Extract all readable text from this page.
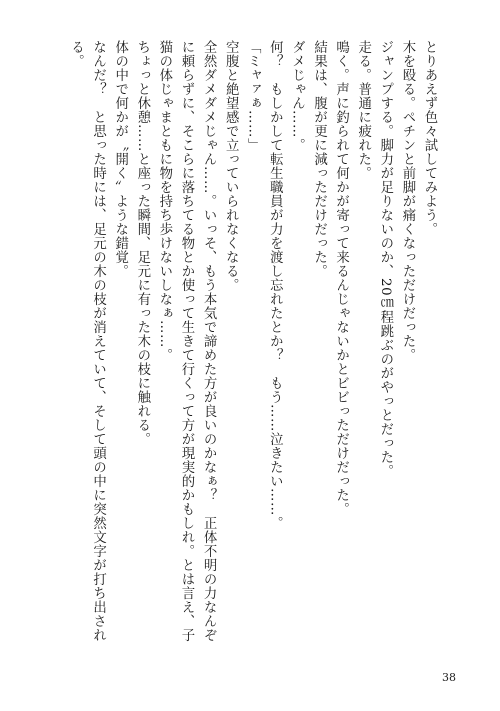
とりあえず色々試してみよう。
木を殴る。ペチンと前脚が痛くなっただけだった。
ジャンプする。脚力が足りないのか、20㎝程跳ぶのがやっとだった。
走る。普通に疲れた。
鳴く。声に釣られて何かが寄って来るんじゃないかとビビっただけだった。
結果は、腹が更に減っただけだった。
ダメじゃん……。
何？　もしかして転生職員が力を渡し忘れたとか？　もう……泣きたい……。
「ミャァぁ……」
空腹と絶望感で立っていられなくなる。
全然ダメダメじゃん……。いっそ、もう本気で諦めた方が良いのかなぁ？　正体不明の力なんぞ
に頼らずに、そこらに落ちてる物とか使って生きて行くって方が現実的かもしれ。とは言え、子
猫の体じゃまともに物を持ち歩けないしなぁ……。
ちょっと休憩……と座った瞬間、足元に有った木の枝に触れる。
体の中で何かが〝開く〟ような錯覚。
なんだ？　と思った時には、足元の木の枝が消えていて、そして頭の中に突然文字が打ち出され
る。
38
